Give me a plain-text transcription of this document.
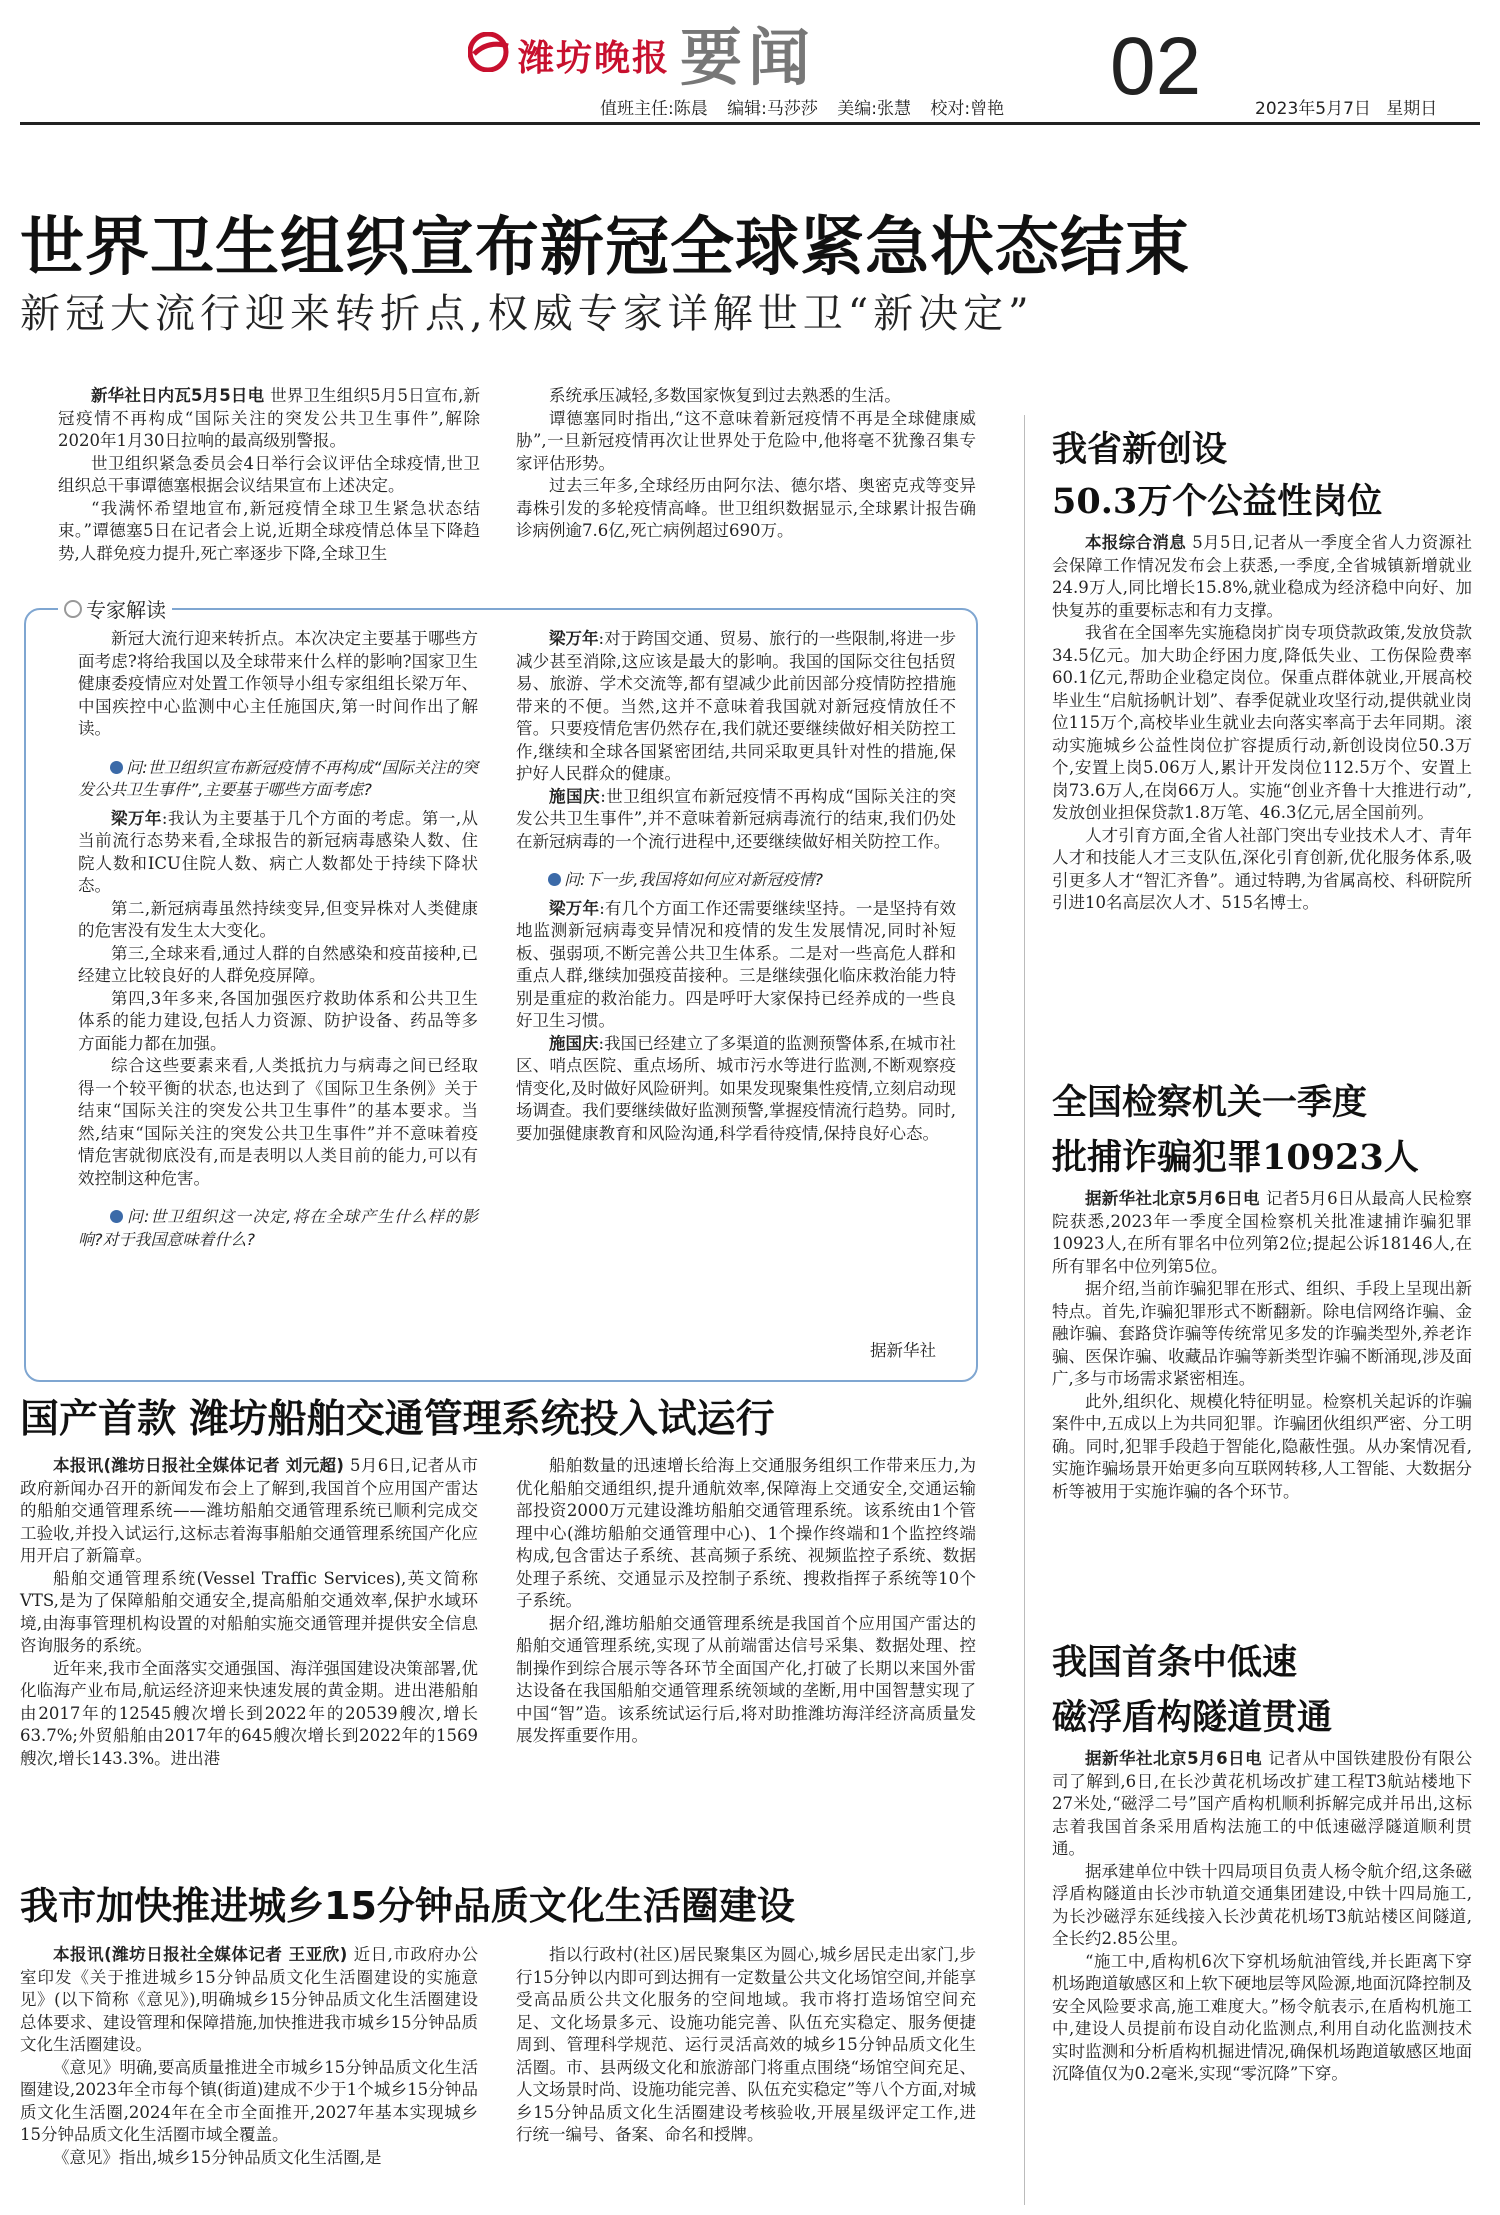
潍坊晚报 要闻	02
值班主任:陈晨 编辑:马莎莎 美编:张慧 校对:曾艳	2023年5月7日 星期日
世界卫生组织宣布新冠全球紧急状态结束
新冠大流行迎来转折点,权威专家详解世卫“新决定”

新华社日内瓦5月5日电 世界卫生组织5月5日宣布,新冠疫情不再构成“国际关注的突发公共卫生事件”,解除2020年1月30日拉响的最高级别警报。

世卫组织紧急委员会4日举行会议评估全球疫情,世卫组织总干事谭德塞根据会议结果宣布上述决定。

“我满怀希望地宣布,新冠疫情全球卫生紧急状态结束。”谭德塞5日在记者会上说,近期全球疫情总体呈下降趋势,人群免疫力提升,死亡率逐步下降,全球卫生

系统承压减轻,多数国家恢复到过去熟悉的生活。

谭德塞同时指出,“这不意味着新冠疫情不再是全球健康威胁”,一旦新冠疫情再次让世界处于危险中,他将毫不犹豫召集专家评估形势。

过去三年多,全球经历由阿尔法、德尔塔、奥密克戎等变异毒株引发的多轮疫情高峰。世卫组织数据显示,全球累计报告确诊病例逾7.6亿,死亡病例超过690万。

专家解读

新冠大流行迎来转折点。本次决定主要基于哪些方面考虑?将给我国以及全球带来什么样的影响?国家卫生健康委疫情应对处置工作领导小组专家组组长梁万年、中国疾控中心监测中心主任施国庆,第一时间作出了解读。

问:世卫组织宣布新冠疫情不再构成“国际关注的突发公共卫生事件”,主要基于哪些方面考虑?

梁万年:我认为主要基于几个方面的考虑。第一,从当前流行态势来看,全球报告的新冠病毒感染人数、住院人数和ICU住院人数、病亡人数都处于持续下降状态。

第二,新冠病毒虽然持续变异,但变异株对人类健康的危害没有发生太大变化。

第三,全球来看,通过人群的自然感染和疫苗接种,已经建立比较良好的人群免疫屏障。

第四,3年多来,各国加强医疗救助体系和公共卫生体系的能力建设,包括人力资源、防护设备、药品等多方面能力都在加强。

综合这些要素来看,人类抵抗力与病毒之间已经取得一个较平衡的状态,也达到了《国际卫生条例》关于结束“国际关注的突发公共卫生事件”的基本要求。当然,结束“国际关注的突发公共卫生事件”并不意味着疫情危害就彻底没有,而是表明以人类目前的能力,可以有效控制这种危害。

问:世卫组织这一决定,将在全球产生什么样的影响?对于我国意味着什么?

梁万年:对于跨国交通、贸易、旅行的一些限制,将进一步减少甚至消除,这应该是最大的影响。我国的国际交往包括贸易、旅游、学术交流等,都有望减少此前因部分疫情防控措施带来的不便。当然,这并不意味着我国就对新冠疫情放任不管。只要疫情危害仍然存在,我们就还要继续做好相关防控工作,继续和全球各国紧密团结,共同采取更具针对性的措施,保护好人民群众的健康。

施国庆:世卫组织宣布新冠疫情不再构成“国际关注的突发公共卫生事件”,并不意味着新冠病毒流行的结束,我们仍处在新冠病毒的一个流行进程中,还要继续做好相关防控工作。

问:下一步,我国将如何应对新冠疫情?

梁万年:有几个方面工作还需要继续坚持。一是坚持有效地监测新冠病毒变异情况和疫情的发生发展情况,同时补短板、强弱项,不断完善公共卫生体系。二是对一些高危人群和重点人群,继续加强疫苗接种。三是继续强化临床救治能力特别是重症的救治能力。四是呼吁大家保持已经养成的一些良好卫生习惯。

施国庆:我国已经建立了多渠道的监测预警体系,在城市社区、哨点医院、重点场所、城市污水等进行监测,不断观察疫情变化,及时做好风险研判。如果发现聚集性疫情,立刻启动现场调查。我们要继续做好监测预警,掌握疫情流行趋势。同时,要加强健康教育和风险沟通,科学看待疫情,保持良好心态。

据新华社
我省新创设
50.3万个公益性岗位

本报综合消息 5月5日,记者从一季度全省人力资源社会保障工作情况发布会上获悉,一季度,全省城镇新增就业24.9万人,同比增长15.8%,就业稳成为经济稳中向好、加快复苏的重要标志和有力支撑。

我省在全国率先实施稳岗扩岗专项贷款政策,发放贷款34.5亿元。加大助企纾困力度,降低失业、工伤保险费率60.1亿元,帮助企业稳定岗位。保重点群体就业,开展高校毕业生“启航扬帆计划”、春季促就业攻坚行动,提供就业岗位115万个,高校毕业生就业去向落实率高于去年同期。滚动实施城乡公益性岗位扩容提质行动,新创设岗位50.3万个,安置上岗5.06万人,累计开发岗位112.5万个、安置上岗73.6万人,在岗66万人。实施“创业齐鲁十大推进行动”,发放创业担保贷款1.8万笔、46.3亿元,居全国前列。

人才引育方面,全省人社部门突出专业技术人才、青年人才和技能人才三支队伍,深化引育创新,优化服务体系,吸引更多人才“智汇齐鲁”。通过特聘,为省属高校、科研院所引进10名高层次人才、515名博士。

全国检察机关一季度
批捕诈骗犯罪10923人

据新华社北京5月6日电 记者5月6日从最高人民检察院获悉,2023年一季度全国检察机关批准逮捕诈骗犯罪10923人,在所有罪名中位列第2位;提起公诉18146人,在所有罪名中位列第5位。

据介绍,当前诈骗犯罪在形式、组织、手段上呈现出新特点。首先,诈骗犯罪形式不断翻新。除电信网络诈骗、金融诈骗、套路贷诈骗等传统常见多发的诈骗类型外,养老诈骗、医保诈骗、收藏品诈骗等新类型诈骗不断涌现,涉及面广,多与市场需求紧密相连。

此外,组织化、规模化特征明显。检察机关起诉的诈骗案件中,五成以上为共同犯罪。诈骗团伙组织严密、分工明确。同时,犯罪手段趋于智能化,隐蔽性强。从办案情况看,实施诈骗场景开始更多向互联网转移,人工智能、大数据分析等被用于实施诈骗的各个环节。

我国首条中低速
磁浮盾构隧道贯通

据新华社北京5月6日电 记者从中国铁建股份有限公司了解到,6日,在长沙黄花机场改扩建工程T3航站楼地下27米处,“磁浮二号”国产盾构机顺利拆解完成并吊出,这标志着我国首条采用盾构法施工的中低速磁浮隧道顺利贯通。

据承建单位中铁十四局项目负责人杨令航介绍,这条磁浮盾构隧道由长沙市轨道交通集团建设,中铁十四局施工,为长沙磁浮东延线接入长沙黄花机场T3航站楼区间隧道,全长约2.85公里。

“施工中,盾构机6次下穿机场航油管线,并长距离下穿机场跑道敏感区和上软下硬地层等风险源,地面沉降控制及安全风险要求高,施工难度大。”杨令航表示,在盾构机施工中,建设人员提前布设自动化监测点,利用自动化监测技术实时监测和分析盾构机掘进情况,确保机场跑道敏感区地面沉降值仅为0.2毫米,实现“零沉降”下穿。

国产首款 潍坊船舶交通管理系统投入试运行

本报讯(潍坊日报社全媒体记者 刘元超) 5月6日,记者从市政府新闻办召开的新闻发布会上了解到,我国首个应用国产雷达的船舶交通管理系统——潍坊船舶交通管理系统已顺利完成交工验收,并投入试运行,这标志着海事船舶交通管理系统国产化应用开启了新篇章。

船舶交通管理系统(Vessel Traffic Services),英文简称VTS,是为了保障船舶交通安全,提高船舶交通效率,保护水域环境,由海事管理机构设置的对船舶实施交通管理并提供安全信息咨询服务的系统。

近年来,我市全面落实交通强国、海洋强国建设决策部署,优化临海产业布局,航运经济迎来快速发展的黄金期。进出港船舶由2017年的12545艘次增长到2022年的20539艘次,增长63.7%;外贸船舶由2017年的645艘次增长到2022年的1569艘次,增长143.3%。进出港

船舶数量的迅速增长给海上交通服务组织工作带来压力,为优化船舶交通组织,提升通航效率,保障海上交通安全,交通运输部投资2000万元建设潍坊船舶交通管理系统。该系统由1个管理中心(潍坊船舶交通管理中心)、1个操作终端和1个监控终端构成,包含雷达子系统、甚高频子系统、视频监控子系统、数据处理子系统、交通显示及控制子系统、搜救指挥子系统等10个子系统。

据介绍,潍坊船舶交通管理系统是我国首个应用国产雷达的船舶交通管理系统,实现了从前端雷达信号采集、数据处理、控制操作到综合展示等各环节全面国产化,打破了长期以来国外雷达设备在我国船舶交通管理系统领域的垄断,用中国智慧实现了中国“智”造。该系统试运行后,将对助推潍坊海洋经济高质量发展发挥重要作用。

我市加快推进城乡15分钟品质文化生活圈建设

本报讯(潍坊日报社全媒体记者 王亚欣) 近日,市政府办公室印发《关于推进城乡15分钟品质文化生活圈建设的实施意见》(以下简称《意见》),明确城乡15分钟品质文化生活圈建设总体要求、建设管理和保障措施,加快推进我市城乡15分钟品质文化生活圈建设。

《意见》明确,要高质量推进全市城乡15分钟品质文化生活圈建设,2023年全市每个镇(街道)建成不少于1个城乡15分钟品质文化生活圈,2024年在全市全面推开,2027年基本实现城乡15分钟品质文化生活圈市域全覆盖。

《意见》指出,城乡15分钟品质文化生活圈,是

指以行政村(社区)居民聚集区为圆心,城乡居民走出家门,步行15分钟以内即可到达拥有一定数量公共文化场馆空间,并能享受高品质公共文化服务的空间地域。我市将打造场馆空间充足、文化场景多元、设施功能完善、队伍充实稳定、服务便捷周到、管理科学规范、运行灵活高效的城乡15分钟品质文化生活圈。市、县两级文化和旅游部门将重点围绕“场馆空间充足、人文场景时尚、设施功能完善、队伍充实稳定”等八个方面,对城乡15分钟品质文化生活圈建设考核验收,开展星级评定工作,进行统一编号、备案、命名和授牌。
